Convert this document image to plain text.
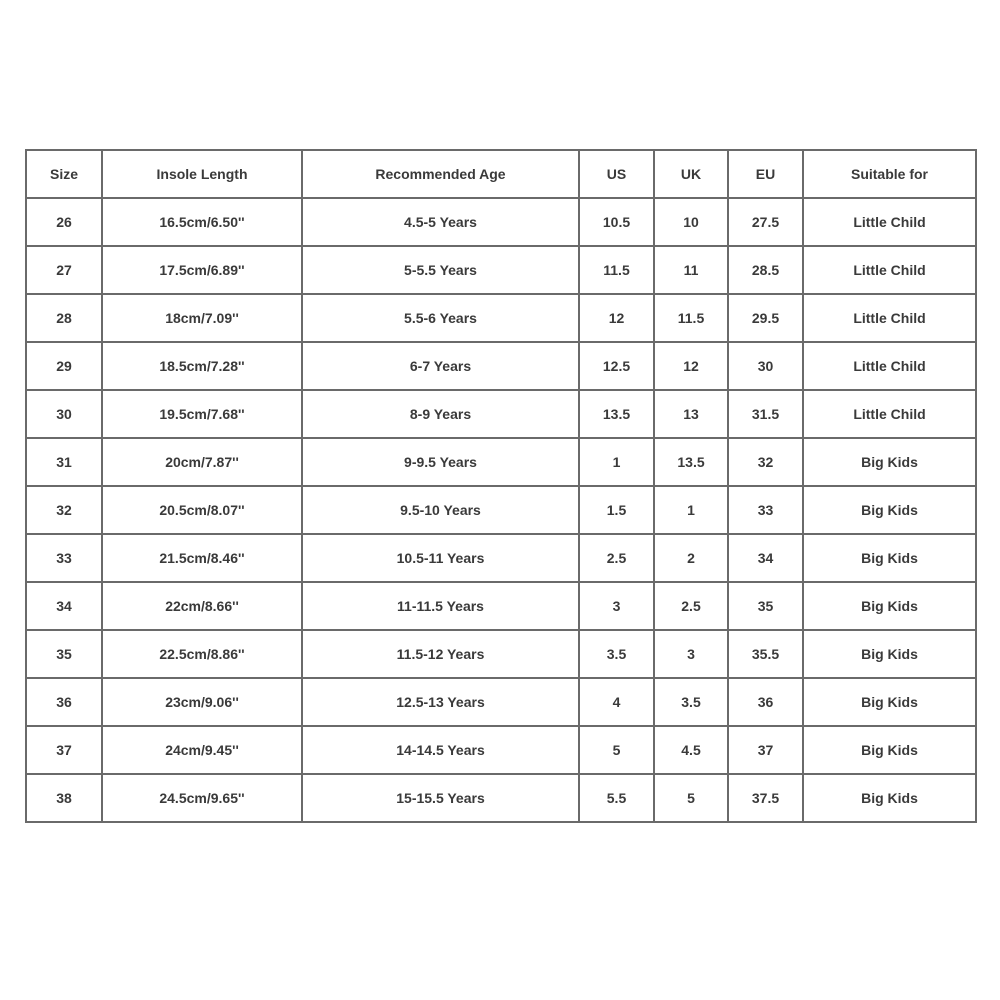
Size	Insole Length	Recommended Age	US	UK	EU	Suitable for
26	16.5cm/6.50''	4.5-5 Years	10.5	10	27.5	Little Child
27	17.5cm/6.89''	5-5.5 Years	11.5	11	28.5	Little Child
28	18cm/7.09''	5.5-6 Years	12	11.5	29.5	Little Child
29	18.5cm/7.28''	6-7 Years	12.5	12	30	Little Child
30	19.5cm/7.68''	8-9 Years	13.5	13	31.5	Little Child
31	20cm/7.87''	9-9.5 Years	1	13.5	32	Big Kids
32	20.5cm/8.07''	9.5-10 Years	1.5	1	33	Big Kids
33	21.5cm/8.46''	10.5-11 Years	2.5	2	34	Big Kids
34	22cm/8.66''	11-11.5 Years	3	2.5	35	Big Kids
35	22.5cm/8.86''	11.5-12 Years	3.5	3	35.5	Big Kids
36	23cm/9.06''	12.5-13 Years	4	3.5	36	Big Kids
37	24cm/9.45''	14-14.5 Years	5	4.5	37	Big Kids
38	24.5cm/9.65''	15-15.5 Years	5.5	5	37.5	Big Kids
